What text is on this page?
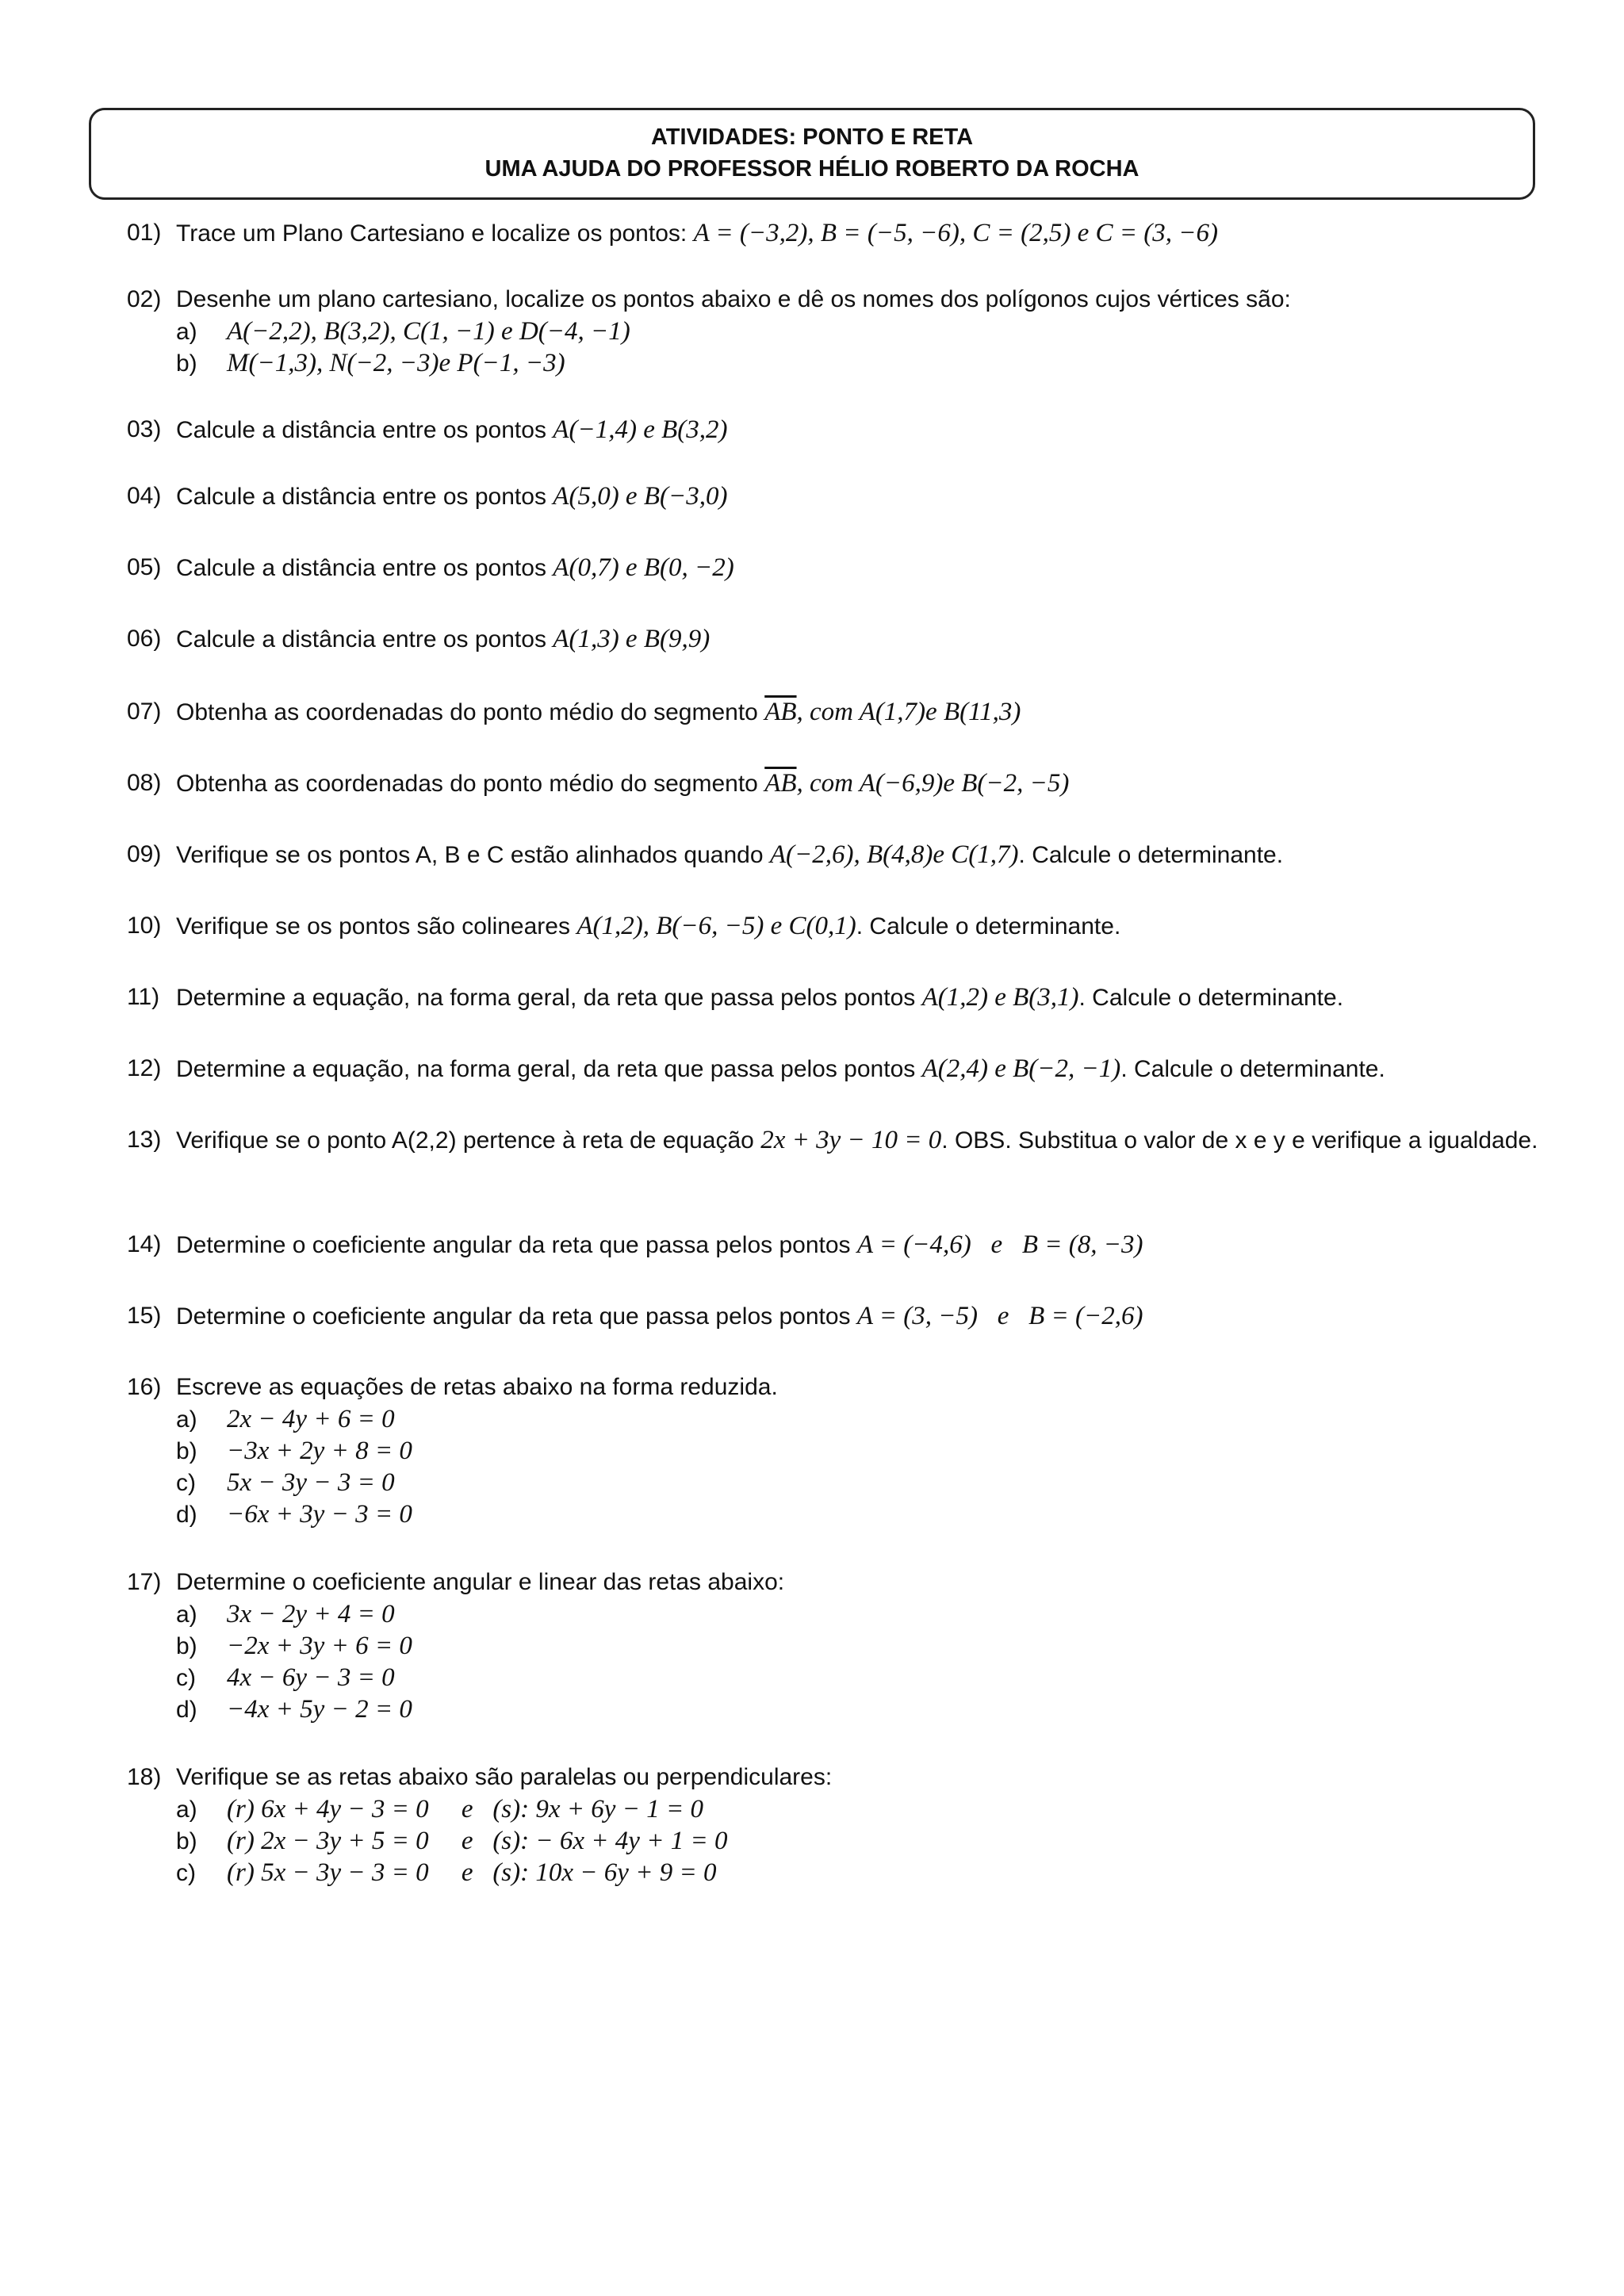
ATIVIDADES: PONTO E RETA
UMA AJUDA DO PROFESSOR HÉLIO ROBERTO DA ROCHA
01) Trace um Plano Cartesiano e localize os pontos: A = (−3,2), B = (−5, −6), C = (2,5) e C = (3, −6)
02) Desenhe um plano cartesiano, localize os pontos abaixo e dê os nomes dos polígonos cujos vértices são:
a) A(−2,2), B(3,2), C(1, −1) e D(−4, −1)
b) M(−1,3), N(−2, −3)e P(−1, −3)
03) Calcule a distância entre os pontos A(−1,4) e B(3,2)
04) Calcule a distância entre os pontos A(5,0) e B(−3,0)
05) Calcule a distância entre os pontos A(0,7) e B(0, −2)
06) Calcule a distância entre os pontos A(1,3) e B(9,9)
07) Obtenha as coordenadas do ponto médio do segmento $\overline{AB}$, com A(1,7)e B(11,3)
08) Obtenha as coordenadas do ponto médio do segmento $\overline{AB}$, com A(−6,9)e B(−2, −5)
09) Verifique se os pontos A, B e C estão alinhados quando A(−2,6), B(4,8)e C(1,7). Calcule o determinante.
10) Verifique se os pontos são colineares A(1,2), B(−6, −5) e C(0,1). Calcule o determinante.
11) Determine a equação, na forma geral, da reta que passa pelos pontos A(1,2) e B(3,1). Calcule o determinante.
12) Determine a equação, na forma geral, da reta que passa pelos pontos A(2,4) e B(−2, −1). Calcule o determinante.
13) Verifique se o ponto A(2,2) pertence à reta de equação 2x + 3y − 10 = 0. OBS. Substitua o valor de x e y e verifique a igualdade.
14) Determine o coeficiente angular da reta que passa pelos pontos A = (−4,6)   e   B = (8, −3)
15) Determine o coeficiente angular da reta que passa pelos pontos A = (3, −5)   e   B = (−2,6)
16) Escreve as equações de retas abaixo na forma reduzida.
a) 2x − 4y + 6 = 0
b) −3x + 2y + 8 = 0
c) 5x − 3y − 3 = 0
d) −6x + 3y − 3 = 0
17) Determine o coeficiente angular e linear das retas abaixo:
a) 3x − 2y + 4 = 0
b) −2x + 3y + 6 = 0
c) 4x − 6y − 3 = 0
d) −4x + 5y − 2 = 0
18) Verifique se as retas abaixo são paralelas ou perpendiculares:
a) (r) 6x + 4y − 3 = 0     e   (s): 9x + 6y − 1 = 0
b) (r) 2x − 3y + 5 = 0     e   (s): − 6x + 4y + 1 = 0
c) (r) 5x − 3y − 3 = 0     e   (s): 10x − 6y + 9 = 0
